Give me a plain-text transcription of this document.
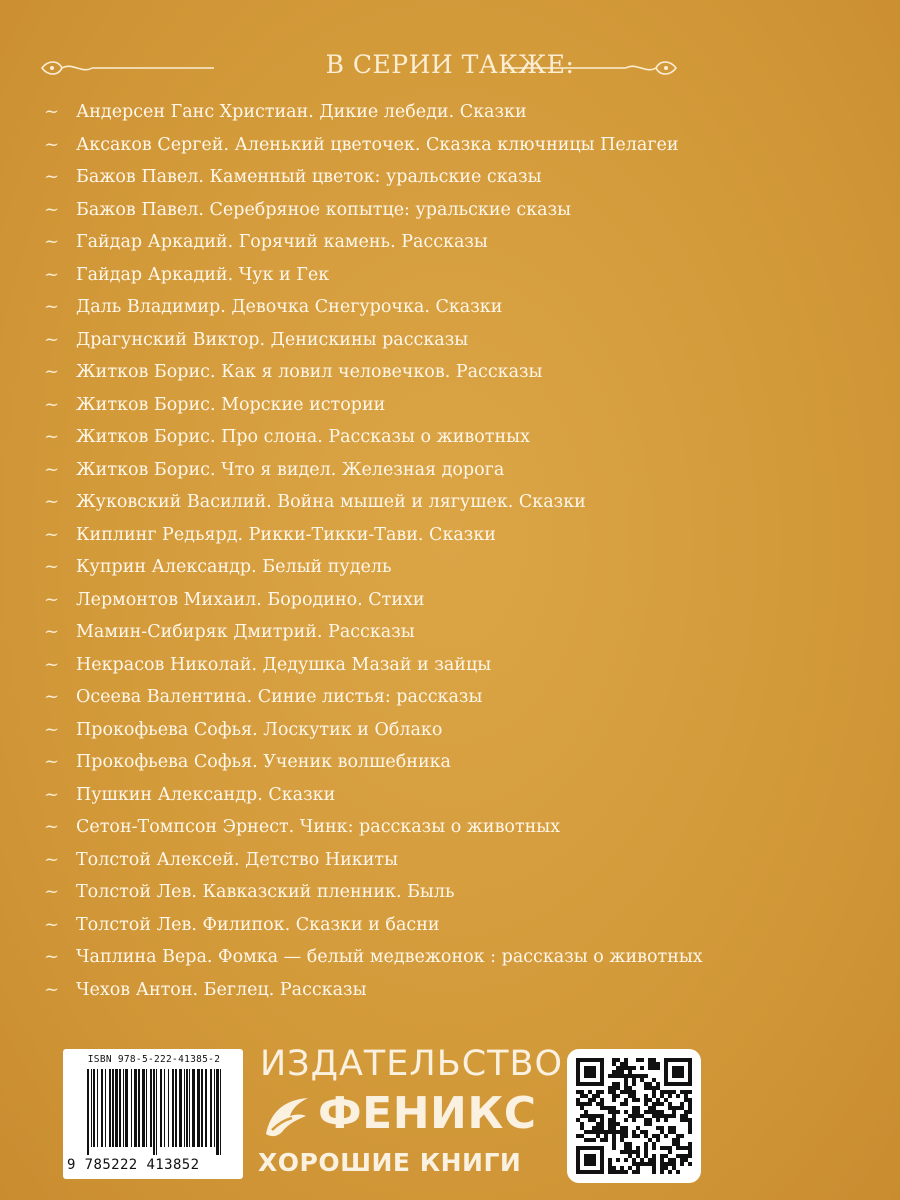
В СЕРИИ ТАКЖЕ:
~ Андерсен Ганс Христиан. Дикие лебеди. Сказки
~ Аксаков Сергей. Аленький цветочек. Сказка ключницы Пелагеи
~ Бажов Павел. Каменный цветок: уральские сказы
~ Бажов Павел. Серебряное копытце: уральские сказы
~ Гайдар Аркадий. Горячий камень. Рассказы
~ Гайдар Аркадий. Чук и Гек
~ Даль Владимир. Девочка Снегурочка. Сказки
~ Драгунский Виктор. Денискины рассказы
~ Житков Борис. Как я ловил человечков. Рассказы
~ Житков Борис. Морские истории
~ Житков Борис. Про слона. Рассказы о животных
~ Житков Борис. Что я видел. Железная дорога
~ Жуковский Василий. Война мышей и лягушек. Сказки
~ Киплинг Редьярд. Рикки-Тикки-Тави. Сказки
~ Куприн Александр. Белый пудель
~ Лермонтов Михаил. Бородино. Стихи
~ Мамин-Сибиряк Дмитрий. Рассказы
~ Некрасов Николай. Дедушка Мазай и зайцы
~ Осеева Валентина. Синие листья: рассказы
~ Прокофьева Софья. Лоскутик и Облако
~ Прокофьева Софья. Ученик волшебника
~ Пушкин Александр. Сказки
~ Сетон-Томпсон Эрнест. Чинк: рассказы о животных
~ Толстой Алексей. Детство Никиты
~ Толстой Лев. Кавказский пленник. Быль
~ Толстой Лев. Филипок. Сказки и басни
~ Чаплина Вера. Фомка — белый медвежонок : рассказы о животных
~ Чехов Антон. Беглец. Рассказы
ISBN 978-5-222-41385-2
9 785222 413852
ИЗДАТЕЛЬСТВО
ФЕНИКС
ХОРОШИЕ КНИГИ
